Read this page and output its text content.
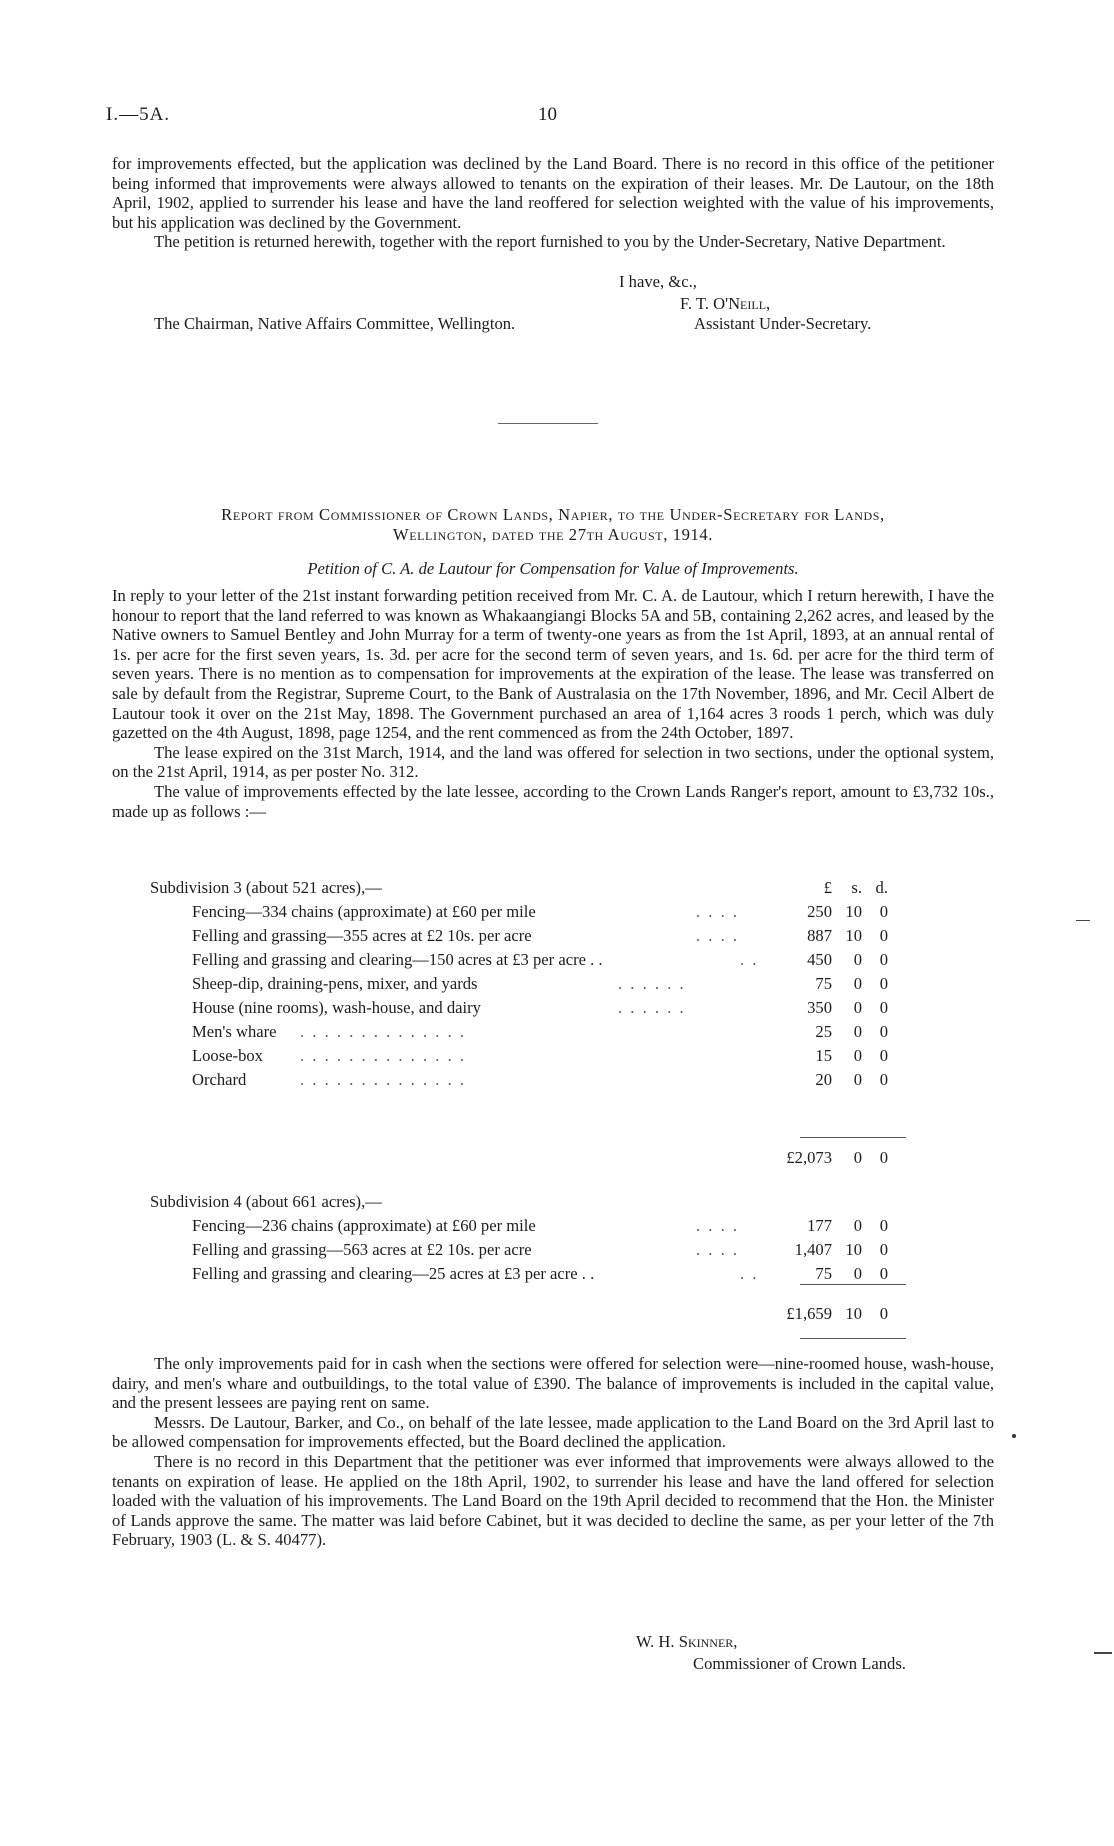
I.—5A.	10

for improvements effected, but the application was declined by the Land Board. There is no record in this office of the petitioner being informed that improvements were always allowed to tenants on the expiration of their leases. Mr. De Lautour, on the 18th April, 1902, applied to surrender his lease and have the land reoffered for selection weighted with the value of his improvements, but his application was declined by the Government.

The petition is returned herewith, together with the report furnished to you by the Under-Secretary, Native Department.

I have, &c.,
F. T. O'Neill,
The Chairman, Native Affairs Committee, Wellington.	Assistant Under-Secretary.
Report from Commissioner of Crown Lands, Napier, to the Under-Secretary for Lands,
Wellington, dated the 27th August, 1914.
Petition of C. A. de Lautour for Compensation for Value of Improvements.

In reply to your letter of the 21st instant forwarding petition received from Mr. C. A. de Lautour, which I return herewith, I have the honour to report that the land referred to was known as Whakaangiangi Blocks 5A and 5B, containing 2,262 acres, and leased by the Native owners to Samuel Bentley and John Murray for a term of twenty-one years as from the 1st April, 1893, at an annual rental of 1s. per acre for the first seven years, 1s. 3d. per acre for the second term of seven years, and 1s. 6d. per acre for the third term of seven years. There is no mention as to compensation for improvements at the expiration of the lease. The lease was transferred on sale by default from the Registrar, Supreme Court, to the Bank of Australasia on the 17th November, 1896, and Mr. Cecil Albert de Lautour took it over on the 21st May, 1898. The Government purchased an area of 1,164 acres 3 roods 1 perch, which was duly gazetted on the 4th August, 1898, page 1254, and the rent commenced as from the 24th October, 1897.

The lease expired on the 31st March, 1914, and the land was offered for selection in two sections, under the optional system, on the 21st April, 1914, as per poster No. 312.

The value of improvements effected by the late lessee, according to the Crown Lands Ranger's report, amount to £3,732 10s., made up as follows :—

Subdivision 3 (about 521 acres),—	£	s. d.
Fencing—334 chains (approximate) at £60 per mile	. . . .	250 10	0
Felling and grassing—355 acres at £2 10s. per acre	. . . .	887 10	0
Felling and grassing and clearing—150 acres at £3 per acre . .	. .	450	0	0
Sheep-dip, draining-pens, mixer, and yards	. . . . . .	75	0	0
House (nine rooms), wash-house, and dairy	. . . . . .	350	0	0
Men's whare . . . . . . . . . . . . . .	25	0	0
Loose-box . . . . . . . . . . . . . .	15	0	0
Orchard	. . . . . . . . . . . . . .	20	0	0
£2,073	0	0
Subdivision 4 (about 661 acres),—
Fencing—236 chains (approximate) at £60 per mile	. . . .	177	0	0
Felling and grassing—563 acres at £2 10s. per acre	. . . .	1,407 10	0
Felling and grassing and clearing—25 acres at £3 per acre . .	. .	75	0	0
£1,659 10	0

The only improvements paid for in cash when the sections were offered for selection were—nine-roomed house, wash-house, dairy, and men's whare and outbuildings, to the total value of £390. The balance of improvements is included in the capital value, and the present lessees are paying rent on same.

Messrs. De Lautour, Barker, and Co., on behalf of the late lessee, made application to the Land Board on the 3rd April last to be allowed compensation for improvements effected, but the Board declined the application.

There is no record in this Department that the petitioner was ever informed that improvements were always allowed to the tenants on expiration of lease. He applied on the 18th April, 1902, to surrender his lease and have the land offered for selection loaded with the valuation of his improvements. The Land Board on the 19th April decided to recommend that the Hon. the Minister of Lands approve the same. The matter was laid before Cabinet, but it was decided to decline the same, as per your letter of the 7th February, 1903 (L. & S. 40477).

W. H. Skinner,
Commissioner of Crown Lands.
